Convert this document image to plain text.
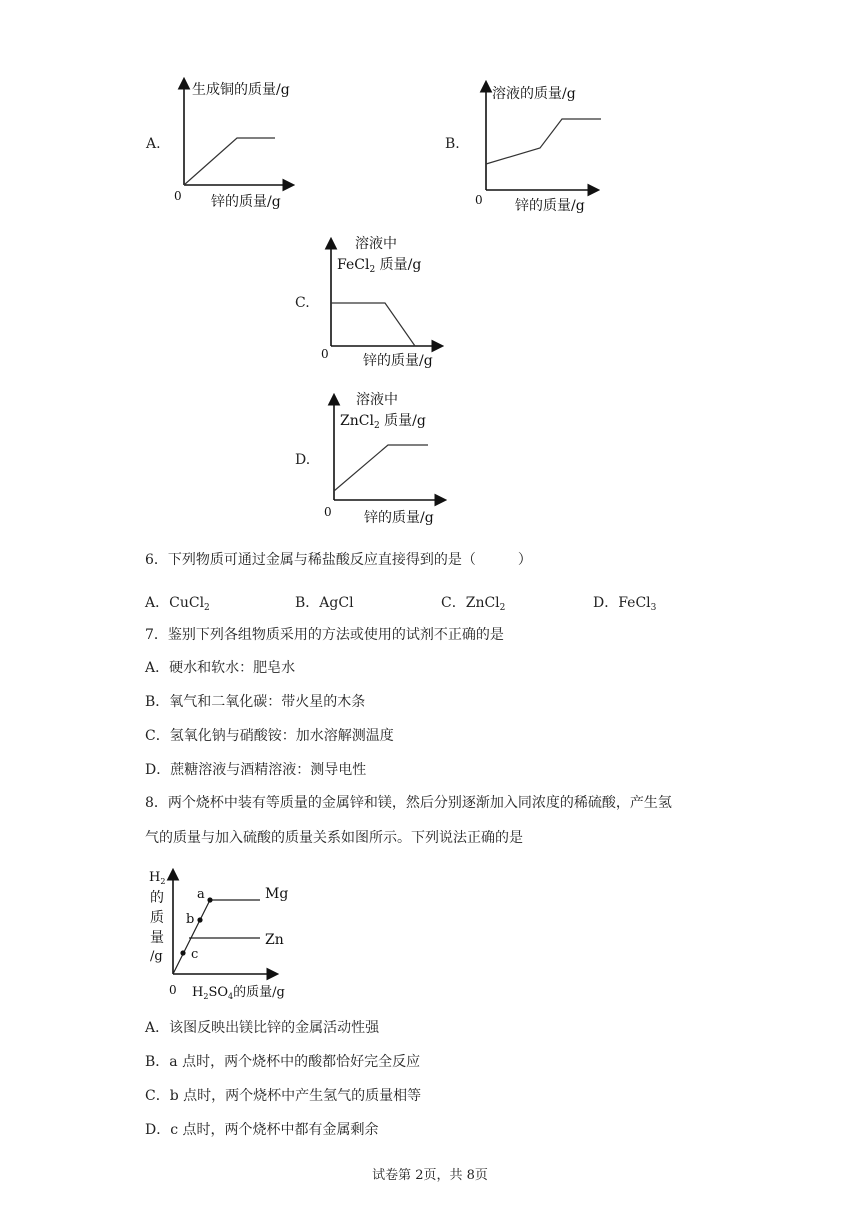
A.
生成铜的质量/g
0 锌的质量/g
B.
溶液的质量/g
0 锌的质量/g
C.
溶液中
FeCl$_2$ 质量/g
0 锌的质量/g
D.
溶液中
ZnCl$_2$ 质量/g
0 锌的质量/g
6．下列物质可通过金属与稀盐酸反应直接得到的是（　　　）
A．CuCl$_2$	B．AgCl	C．ZnCl$_2$	D．FeCl$_3$
7．鉴别下列各组物质采用的方法或使用的试剂不正确的是
A．硬水和软水：肥皂水
B．氧气和二氧化碳：带火星的木条
C．氢氧化钠与硝酸铵：加水溶解测温度
D．蔗糖溶液与酒精溶液：测导电性
8．两个烧杯中装有等质量的金属锌和镁，然后分别逐渐加入同浓度的稀硫酸，产生氢
气的质量与加入硫酸的质量关系如图所示。下列说法正确的是
a
b
c
Mg
Zn
$H_2$
的
质
量
/g
0 $H_2SO_4$的质量/g
A．该图反映出镁比锌的金属活动性强
B．a 点时，两个烧杯中的酸都恰好完全反应
C．b 点时，两个烧杯中产生氢气的质量相等
D．c 点时，两个烧杯中都有金属剩余
试卷第 2页，共 8页
